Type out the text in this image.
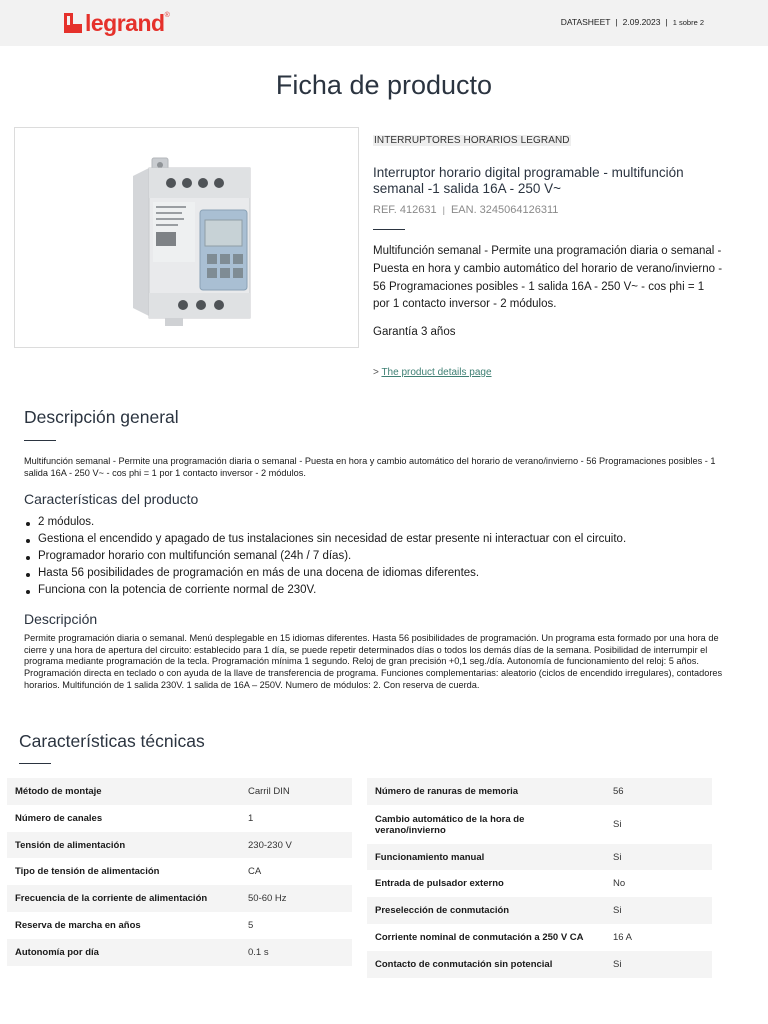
legrand ®
DATASHEET | 2.09.2023 | 1 sobre 2
Ficha de producto
INTERRUPTORES HORARIOS LEGRAND
Interruptor horario digital programable - multifunción semanal -1 salida 16A - 250 V~
REF. 412631 | EAN. 3245064126311

Multifunción semanal - Permite una programación diaria o semanal - Puesta en hora y cambio automático del horario de verano/invierno - 56 Programaciones posibles - 1 salida 16A - 250 V~ - cos phi = 1 por 1 contacto inversor - 2 módulos.

Garantía 3 años

> The product details page
Descripción general

Multifunción semanal - Permite una programación diaria o semanal - Puesta en hora y cambio automático del horario de verano/invierno - 56 Programaciones posibles - 1 salida 16A - 250 V~ - cos phi = 1 por 1 contacto inversor - 2 módulos.

Características del producto
2 módulos.
Gestiona el encendido y apagado de tus instalaciones sin necesidad de estar presente ni interactuar con el circuito.
Programador horario con multifunción semanal (24h / 7 días).
Hasta 56 posibilidades de programación en más de una docena de idiomas diferentes.
Funciona con la potencia de corriente normal de 230V.
Descripción

Permite programación diaria o semanal. Menú desplegable en 15 idiomas diferentes. Hasta 56 posibilidades de programación. Un programa esta formado por una hora de cierre y una hora de apertura del circuito: establecido para 1 día, se puede repetir determinados días o todos los demás días de la semana. Posibilidad de interrumpir el programa mediante programación de la tecla. Programación mínima 1 segundo. Reloj de gran precisión +0,1 seg./día. Autonomía de funcionamiento del reloj: 5 años. Programación directa en teclado o con ayuda de la llave de transferencia de programa. Funciones complementarias: aleatorio (ciclos de encendido irregulares), contadores horarios. Multifunción de 1 salida 230V. 1 salida de 16A – 250V. Numero de módulos: 2. Con reserva de cuerda.

Características técnicas
Método de montaje	Carril DIN
Número de canales	1
Tensión de alimentación	230-230 V
Tipo de tensión de alimentación	CA
Frecuencia de la corriente de alimentación	50-60 Hz
Reserva de marcha en años	5
Autonomía por día	0.1 s
Número de ranuras de memoria	56
Cambio automático de la hora de verano/invierno	Si
Funcionamiento manual	Si
Entrada de pulsador externo	No
Preselección de conmutación	Si
Corriente nominal de conmutación a 250 V CA	16 A
Contacto de conmutación sin potencial	Si
